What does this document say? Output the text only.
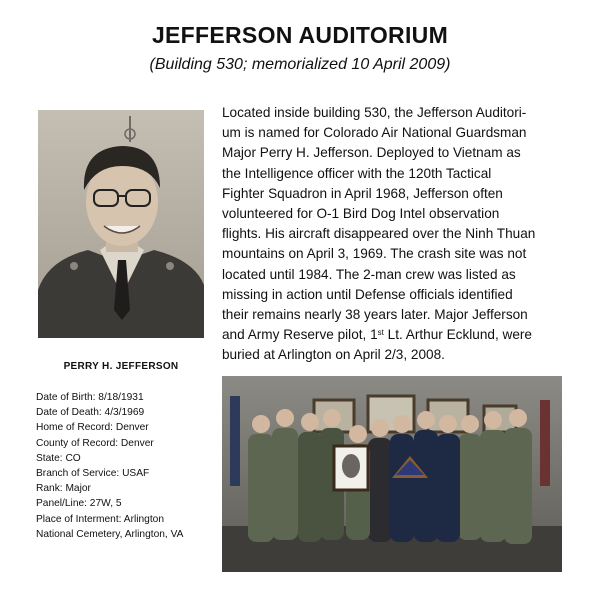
JEFFERSON AUDITORIUM
(Building 530; memorialized 10 April 2009)
PERRY H. JEFFERSON
Date of Birth: 8/18/1931
Date of Death: 4/3/1969
Home of Record: Denver
County of Record: Denver
State: CO
Branch of Service: USAF
Rank: Major
Panel/Line: 27W, 5
Place of Interment: Arlington
National Cemetery, Arlington, VA
Located inside building 530, the Jefferson Auditori-
um is named for Colorado Air National Guardsman
Major Perry H. Jefferson. Deployed to Vietnam as
the Intelligence officer with the 120th Tactical
Fighter Squadron in April 1968, Jefferson often
volunteered for O-1 Bird Dog Intel observation
flights. His aircraft disappeared over the Ninh Thuan
mountains on April 3, 1969. The crash site was not
located until 1984. The 2-man crew was listed as
missing in action until Defense officials identified
their remains nearly 38 years later. Major Jefferson
and Army Reserve pilot, 1st Lt. Arthur Ecklund, were
buried at Arlington on April 2/3, 2008.
